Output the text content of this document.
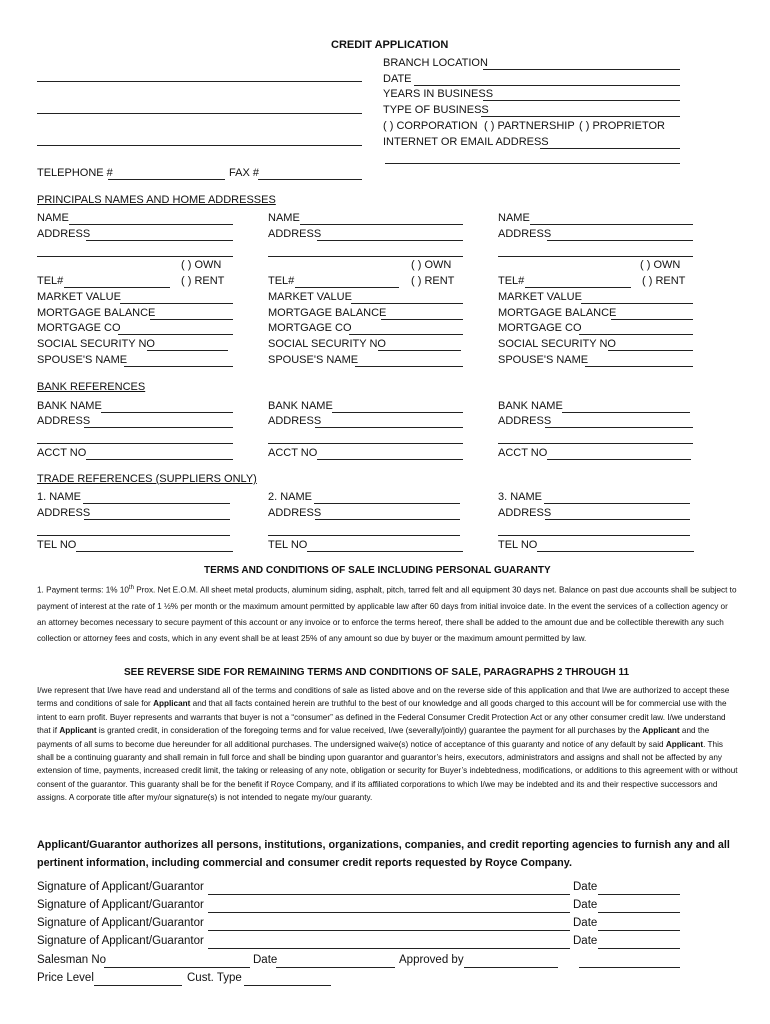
CREDIT APPLICATION
BRANCH LOCATION
DATE
YEARS IN BUSINESS
TYPE OF BUSINESS
( ) CORPORATION ( ) PARTNERSHIP ( ) PROPRIETOR
INTERNET OR EMAIL ADDRESS
TELEPHONE #	FAX #
PRINCIPALS NAMES AND HOME ADDRESSES
NAME
ADDRESS
( ) OWN
TEL#	( ) RENT
MARKET VALUE
MORTGAGE BALANCE
MORTGAGE CO
SOCIAL SECURITY NO
SPOUSE'S NAME
NAME
ADDRESS
( ) OWN
TEL#	( ) RENT
MARKET VALUE
MORTGAGE BALANCE
MORTGAGE CO
SOCIAL SECURITY NO
SPOUSE'S NAME
NAME
ADDRESS
( ) OWN
TEL#	( ) RENT
MARKET VALUE
MORTGAGE BALANCE
MORTGAGE CO
SOCIAL SECURITY NO
SPOUSE'S NAME
BANK REFERENCES
BANK NAME
ADDRESS
ACCT NO
BANK NAME
ADDRESS
ACCT NO
BANK NAME
ADDRESS
ACCT NO
TRADE REFERENCES (SUPPLIERS ONLY)
1. NAME
ADDRESS
TEL NO
2. NAME
ADDRESS
TEL NO
3. NAME
ADDRESS
TEL NO
TERMS AND CONDITIONS OF SALE INCLUDING PERSONAL GUARANTY
1. Payment terms: 1% 10th Prox. Net E.O.M. All sheet metal products, aluminum siding, asphalt, pitch, tarred felt and all equipment 30 days net. Balance on past due accounts shall be subject to payment of interest at the rate of 1 ½% per month or the maximum amount permitted by applicable law after 60 days from initial invoice date. In the event the services of a collection agency or an attorney becomes necessary to secure payment of this account or any invoice or to enforce the terms hereof, there shall be added to the amount due and be collectible therewith any such collection or attorney fees and costs, which in any event shall be at least 25% of any amount so due by buyer or the maximum amount permitted by law.
SEE REVERSE SIDE FOR REMAINING TERMS AND CONDITIONS OF SALE, PARAGRAPHS 2 THROUGH 11
I/we represent that I/we have read and understand all of the terms and conditions of sale as listed above and on the reverse side of this application and that I/we are authorized to accept these terms and conditions of sale for Applicant and that all facts contained herein are truthful to the best of our knowledge and all goods charged to this account will be for commercial use with the intent to earn profit. Buyer represents and warrants that buyer is not a “consumer” as defined in the Federal Consumer Credit Protection Act or any other consumer credit law. I/we understand that if Applicant is granted credit, in consideration of the foregoing terms and for value received, I/we (severally/jointly) guarantee the payment for all purchases by the Applicant and the payments of all sums to become due hereunder for all additional purchases. The undersigned waive(s) notice of acceptance of this guaranty and notice of any default by said Applicant. This shall be a continuing guaranty and shall remain in full force and shall be binding upon guarantor and guarantor’s heirs, executors, administrators and assigns and shall not be affected by any extension of time, payments, increased credit limit, the taking or releasing of any note, obligation or security for Buyer’s indebtedness, modifications, or additions to this agreement with or without consent of the guarantor. This guaranty shall be for the benefit if Royce Company, and if its affiliated corporations to which I/we may be indebted and its and their respective successors and assigns. A corporate title after my/our signature(s) is not intended to negate my/our guaranty.
Applicant/Guarantor authorizes all persons, institutions, organizations, companies, and credit reporting agencies to furnish any and all pertinent information, including commercial and consumer credit reports requested by Royce Company.
Signature of Applicant/Guarantor	Date
Signature of Applicant/Guarantor	Date
Signature of Applicant/Guarantor	Date
Signature of Applicant/Guarantor	Date
Salesman No	Date	Approved by
Price Level	Cust. Type
